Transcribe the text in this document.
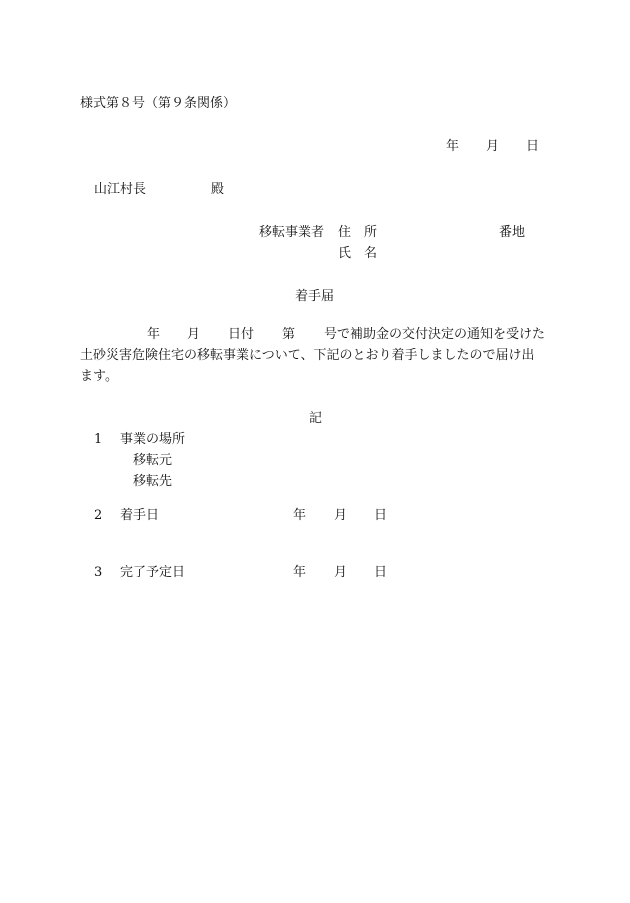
様式第８号（第９条関係）
年 月 日
山江村長	殿
移転事業者 住　所	番地
氏　名
着手届
年 月 日付 第 号で補助金の交付決定の通知を受けた
土砂災害危険住宅の移転事業について、下記のとおり着手しましたので届け出
ます。
記
1 事業の場所
移転元
移転先
2 着手日	年 月 日
3 完了予定日	年 月 日
